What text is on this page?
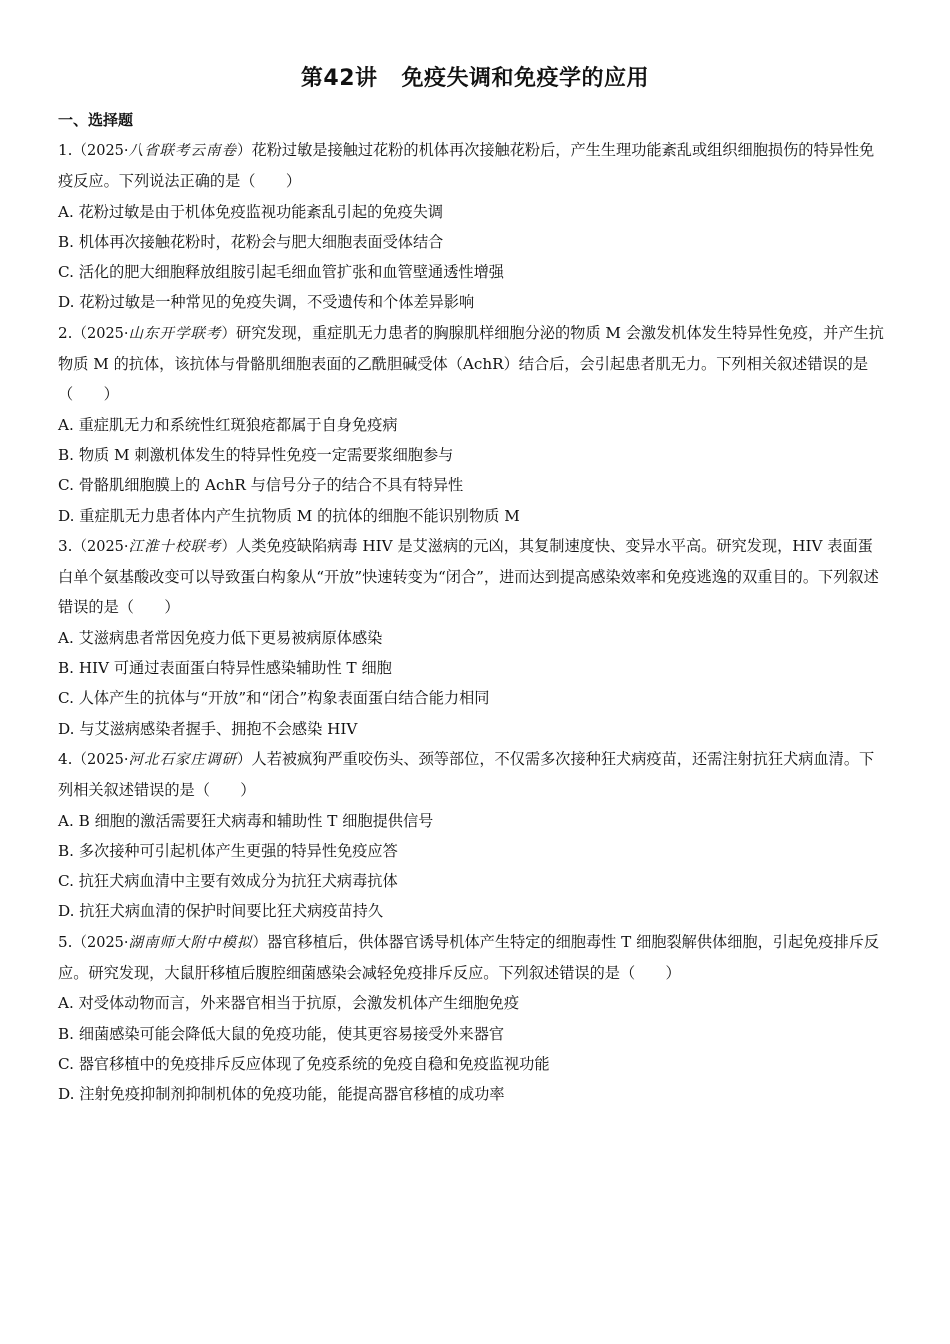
第42讲 免疫失调和免疫学的应用
一、选择题

1.（2025·八省联考云南卷）花粉过敏是接触过花粉的机体再次接触花粉后，产生生理功能紊乱或组织细胞损伤的特异性免疫反应。下列说法正确的是（　　）

A. 花粉过敏是由于机体免疫监视功能紊乱引起的免疫失调

B. 机体再次接触花粉时，花粉会与肥大细胞表面受体结合

C. 活化的肥大细胞释放组胺引起毛细血管扩张和血管壁通透性增强

D. 花粉过敏是一种常见的免疫失调，不受遗传和个体差异影响

2.（2025·山东开学联考）研究发现，重症肌无力患者的胸腺肌样细胞分泌的物质 M 会激发机体发生特异性免疫，并产生抗物质 M 的抗体，该抗体与骨骼肌细胞表面的乙酰胆碱受体（AchR）结合后，会引起患者肌无力。下列相关叙述错误的是（　　）

A. 重症肌无力和系统性红斑狼疮都属于自身免疫病

B. 物质 M 刺激机体发生的特异性免疫一定需要浆细胞参与

C. 骨骼肌细胞膜上的 AchR 与信号分子的结合不具有特异性

D. 重症肌无力患者体内产生抗物质 M 的抗体的细胞不能识别物质 M

3.（2025·江淮十校联考）人类免疫缺陷病毒 HIV 是艾滋病的元凶，其复制速度快、变异水平高。研究发现，HIV 表面蛋白单个氨基酸改变可以导致蛋白构象从“开放”快速转变为“闭合”，进而达到提高感染效率和免疫逃逸的双重目的。下列叙述错误的是（　　）

A. 艾滋病患者常因免疫力低下更易被病原体感染

B. HIV 可通过表面蛋白特异性感染辅助性 T 细胞

C. 人体产生的抗体与“开放”和“闭合”构象表面蛋白结合能力相同

D. 与艾滋病感染者握手、拥抱不会感染 HIV

4.（2025·河北石家庄调研）人若被疯狗严重咬伤头、颈等部位，不仅需多次接种狂犬病疫苗，还需注射抗狂犬病血清。下列相关叙述错误的是（　　）

A. B 细胞的激活需要狂犬病毒和辅助性 T 细胞提供信号

B. 多次接种可引起机体产生更强的特异性免疫应答

C. 抗狂犬病血清中主要有效成分为抗狂犬病毒抗体

D. 抗狂犬病血清的保护时间要比狂犬病疫苗持久

5.（2025·湖南师大附中模拟）器官移植后，供体器官诱导机体产生特定的细胞毒性 T 细胞裂解供体细胞，引起免疫排斥反应。研究发现，大鼠肝移植后腹腔细菌感染会减轻免疫排斥反应。下列叙述错误的是（　　）

A. 对受体动物而言，外来器官相当于抗原，会激发机体产生细胞免疫

B. 细菌感染可能会降低大鼠的免疫功能，使其更容易接受外来器官

C. 器官移植中的免疫排斥反应体现了免疫系统的免疫自稳和免疫监视功能

D. 注射免疫抑制剂抑制机体的免疫功能，能提高器官移植的成功率
